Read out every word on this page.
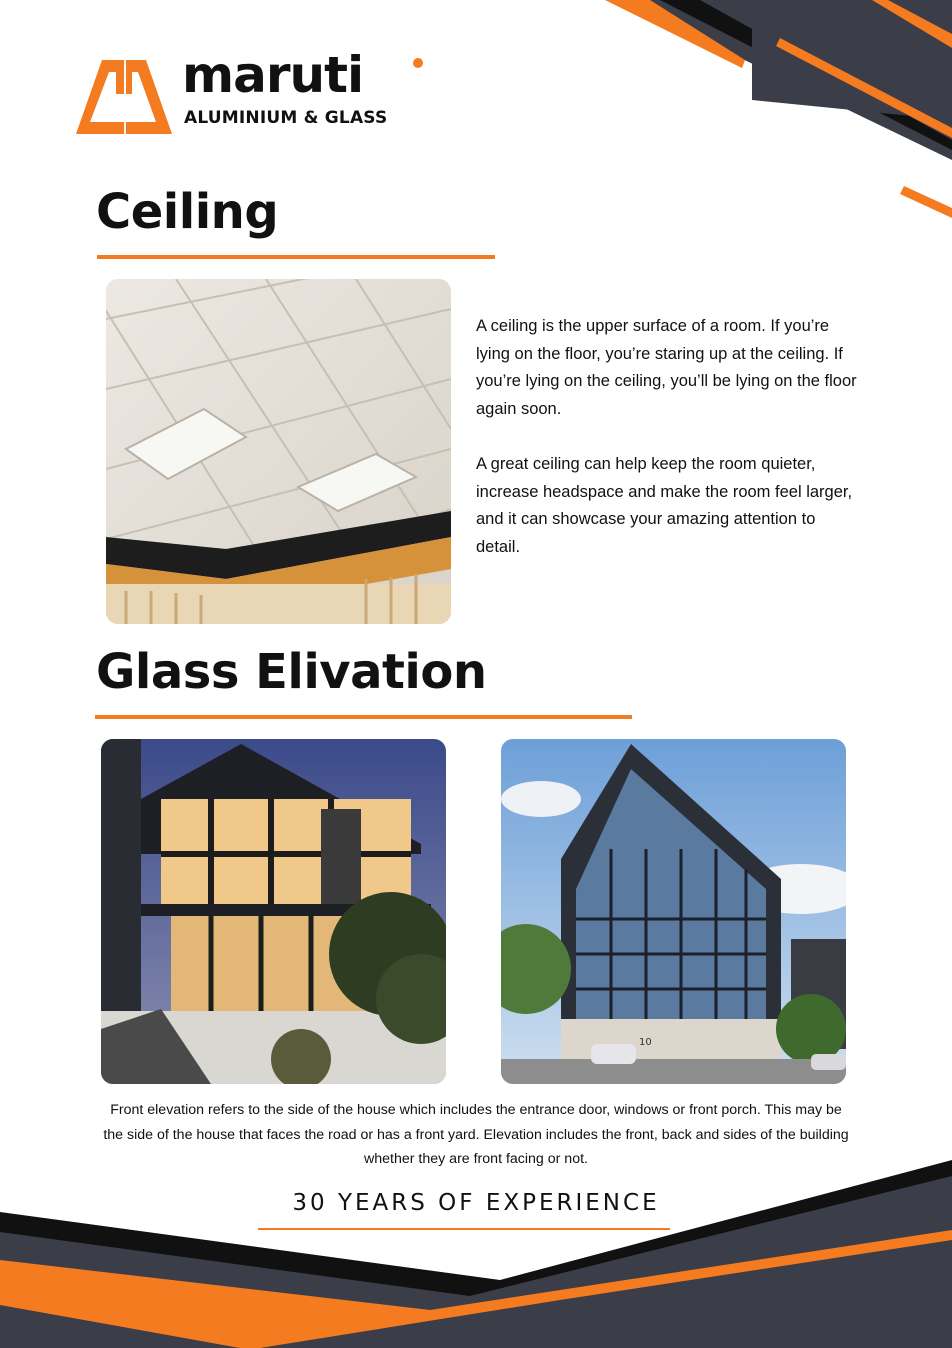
maruti
ALUMINIUM & GLASS
Ceiling

A ceiling is the upper surface of a room. If you’re lying on the floor, you’re staring up at the ceiling. If you’re lying on the ceiling, you’ll be lying on the floor again soon.

A great ceiling can help keep the room quieter, increase headspace and make the room feel larger, and it can showcase your amazing attention to detail.

Glass Elivation
10

Front elevation refers to the side of the house which includes the entrance door, windows or front porch. This may be the side of the house that faces the road or has a front yard. Elevation includes the front, back and sides of the building whether they are front facing or not.

30 YEARS OF EXPERIENCE
